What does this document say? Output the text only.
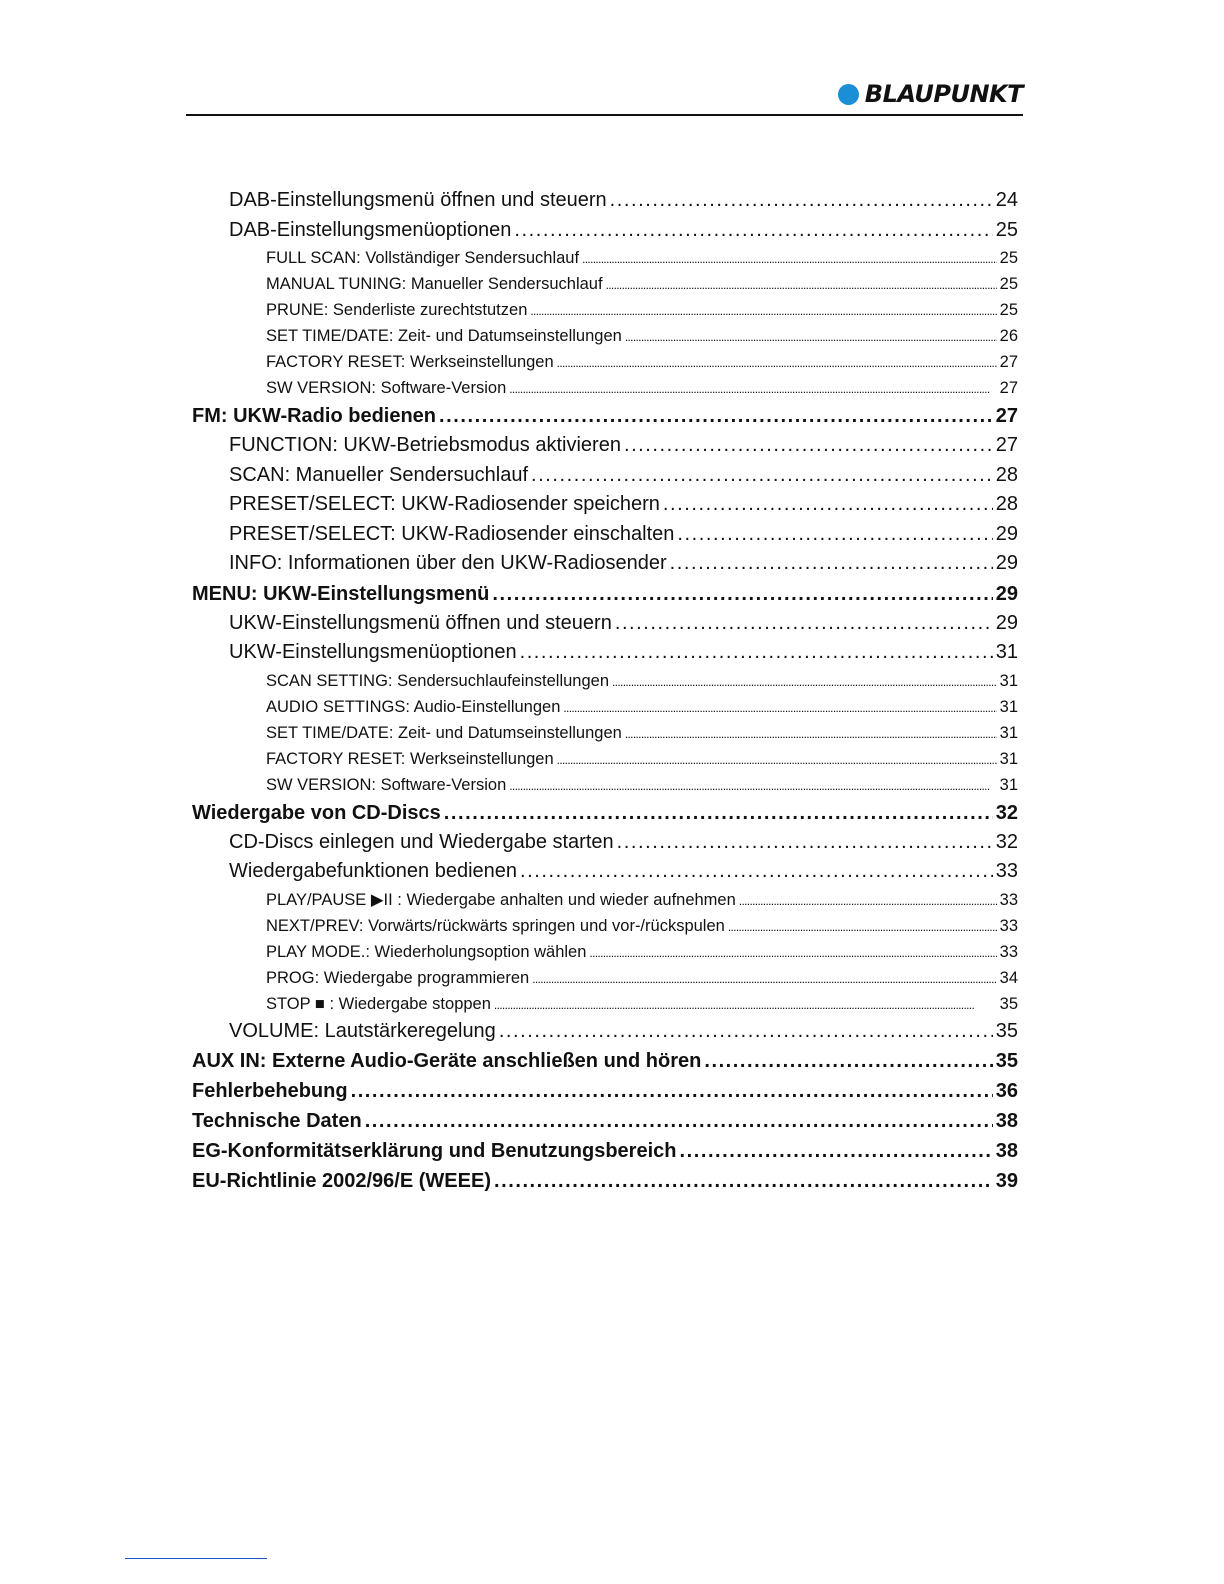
BLAUPUNKT
DAB-Einstellungsmenü öffnen und steuern . . .	24
DAB-Einstellungsmenüoptionen . . .	25
FULL SCAN: Vollständiger Sendersuchlauf . . .	25
MANUAL TUNING: Manueller Sendersuchlauf . . .	25
PRUNE: Senderliste zurechtstutzen . . .	25
SET TIME/DATE: Zeit- und Datumseinstellungen . . .	26
FACTORY RESET: Werkseinstellungen . . .	27
SW VERSION: Software-Version . . .	27
FM: UKW-Radio bedienen . . .	27
FUNCTION: UKW-Betriebsmodus aktivieren . . .	27
SCAN: Manueller Sendersuchlauf . . .	28
PRESET/SELECT: UKW-Radiosender speichern . . .	28
PRESET/SELECT: UKW-Radiosender einschalten . . .	29
INFO: Informationen über den UKW-Radiosender . . .	29
MENU: UKW-Einstellungsmenü . . .	29
UKW-Einstellungsmenü öffnen und steuern . . .	29
UKW-Einstellungsmenüoptionen . . .	31
SCAN SETTING: Sendersuchlaufeinstellungen . . .	31
AUDIO SETTINGS: Audio-Einstellungen . . .	31
SET TIME/DATE: Zeit- und Datumseinstellungen . . .	31
FACTORY RESET: Werkseinstellungen . . .	31
SW VERSION: Software-Version . . .	31
Wiedergabe von CD-Discs . . .	32
CD-Discs einlegen und Wiedergabe starten . . .	32
Wiedergabefunktionen bedienen . . .	33
PLAY/PAUSE ▶II : Wiedergabe anhalten und wieder aufnehmen . . .	33
NEXT/PREV: Vorwärts/rückwärts springen und vor-/rückspulen . . .	33
PLAY MODE.: Wiederholungsoption wählen . . .	33
PROG: Wiedergabe programmieren . . .	34
STOP ■ : Wiedergabe stoppen . . .	35
VOLUME: Lautstärkeregelung . . .	35
AUX IN: Externe Audio-Geräte anschließen und hören . . .	35
Fehlerbehebung . . .	36
Technische Daten . . .	38
EG-Konformitätserklärung und Benutzungsbereich . . .	38
EU-Richtlinie 2002/96/E (WEEE) . . .	39
